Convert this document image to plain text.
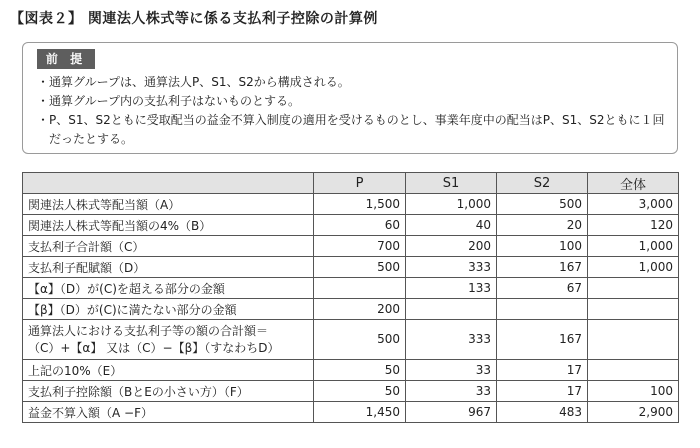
【図表２】 関連法人株式等に係る支払利子控除の計算例
前 提
・ 通算グループは、通算法人P、S1、S2から構成される。
・ 通算グループ内の支払利子はないものとする。
・ P、S1、S2ともに受取配当の益金不算入制度の適用を受けるものとし、事業年度中の配当はP、S1、S2ともに１回だったとする。
	P	S1	S2	全体
関連法人株式等配当額（A）	1,500	1,000	500	3,000
関連法人株式等配当額の4%（B）	60	40	20	120
支払利子合計額（C）	700	200	100	1,000
支払利子配賦額（D）	500	333	167	1,000
【α】（D）が(C)を超える部分の金額		133	67	
【β】（D）が(C)に満たない部分の金額	200			

通算法人における支払利子等の額の合計額＝
（C）+【α】 又は（C）−【β】（すなわちD）	500	333	167	
上記の10%（E）	50	33	17	
支払利子控除額（BとEの小さい方）（F）	50	33	17	100
益金不算入額（A −F）	1,450	967	483	2,900
